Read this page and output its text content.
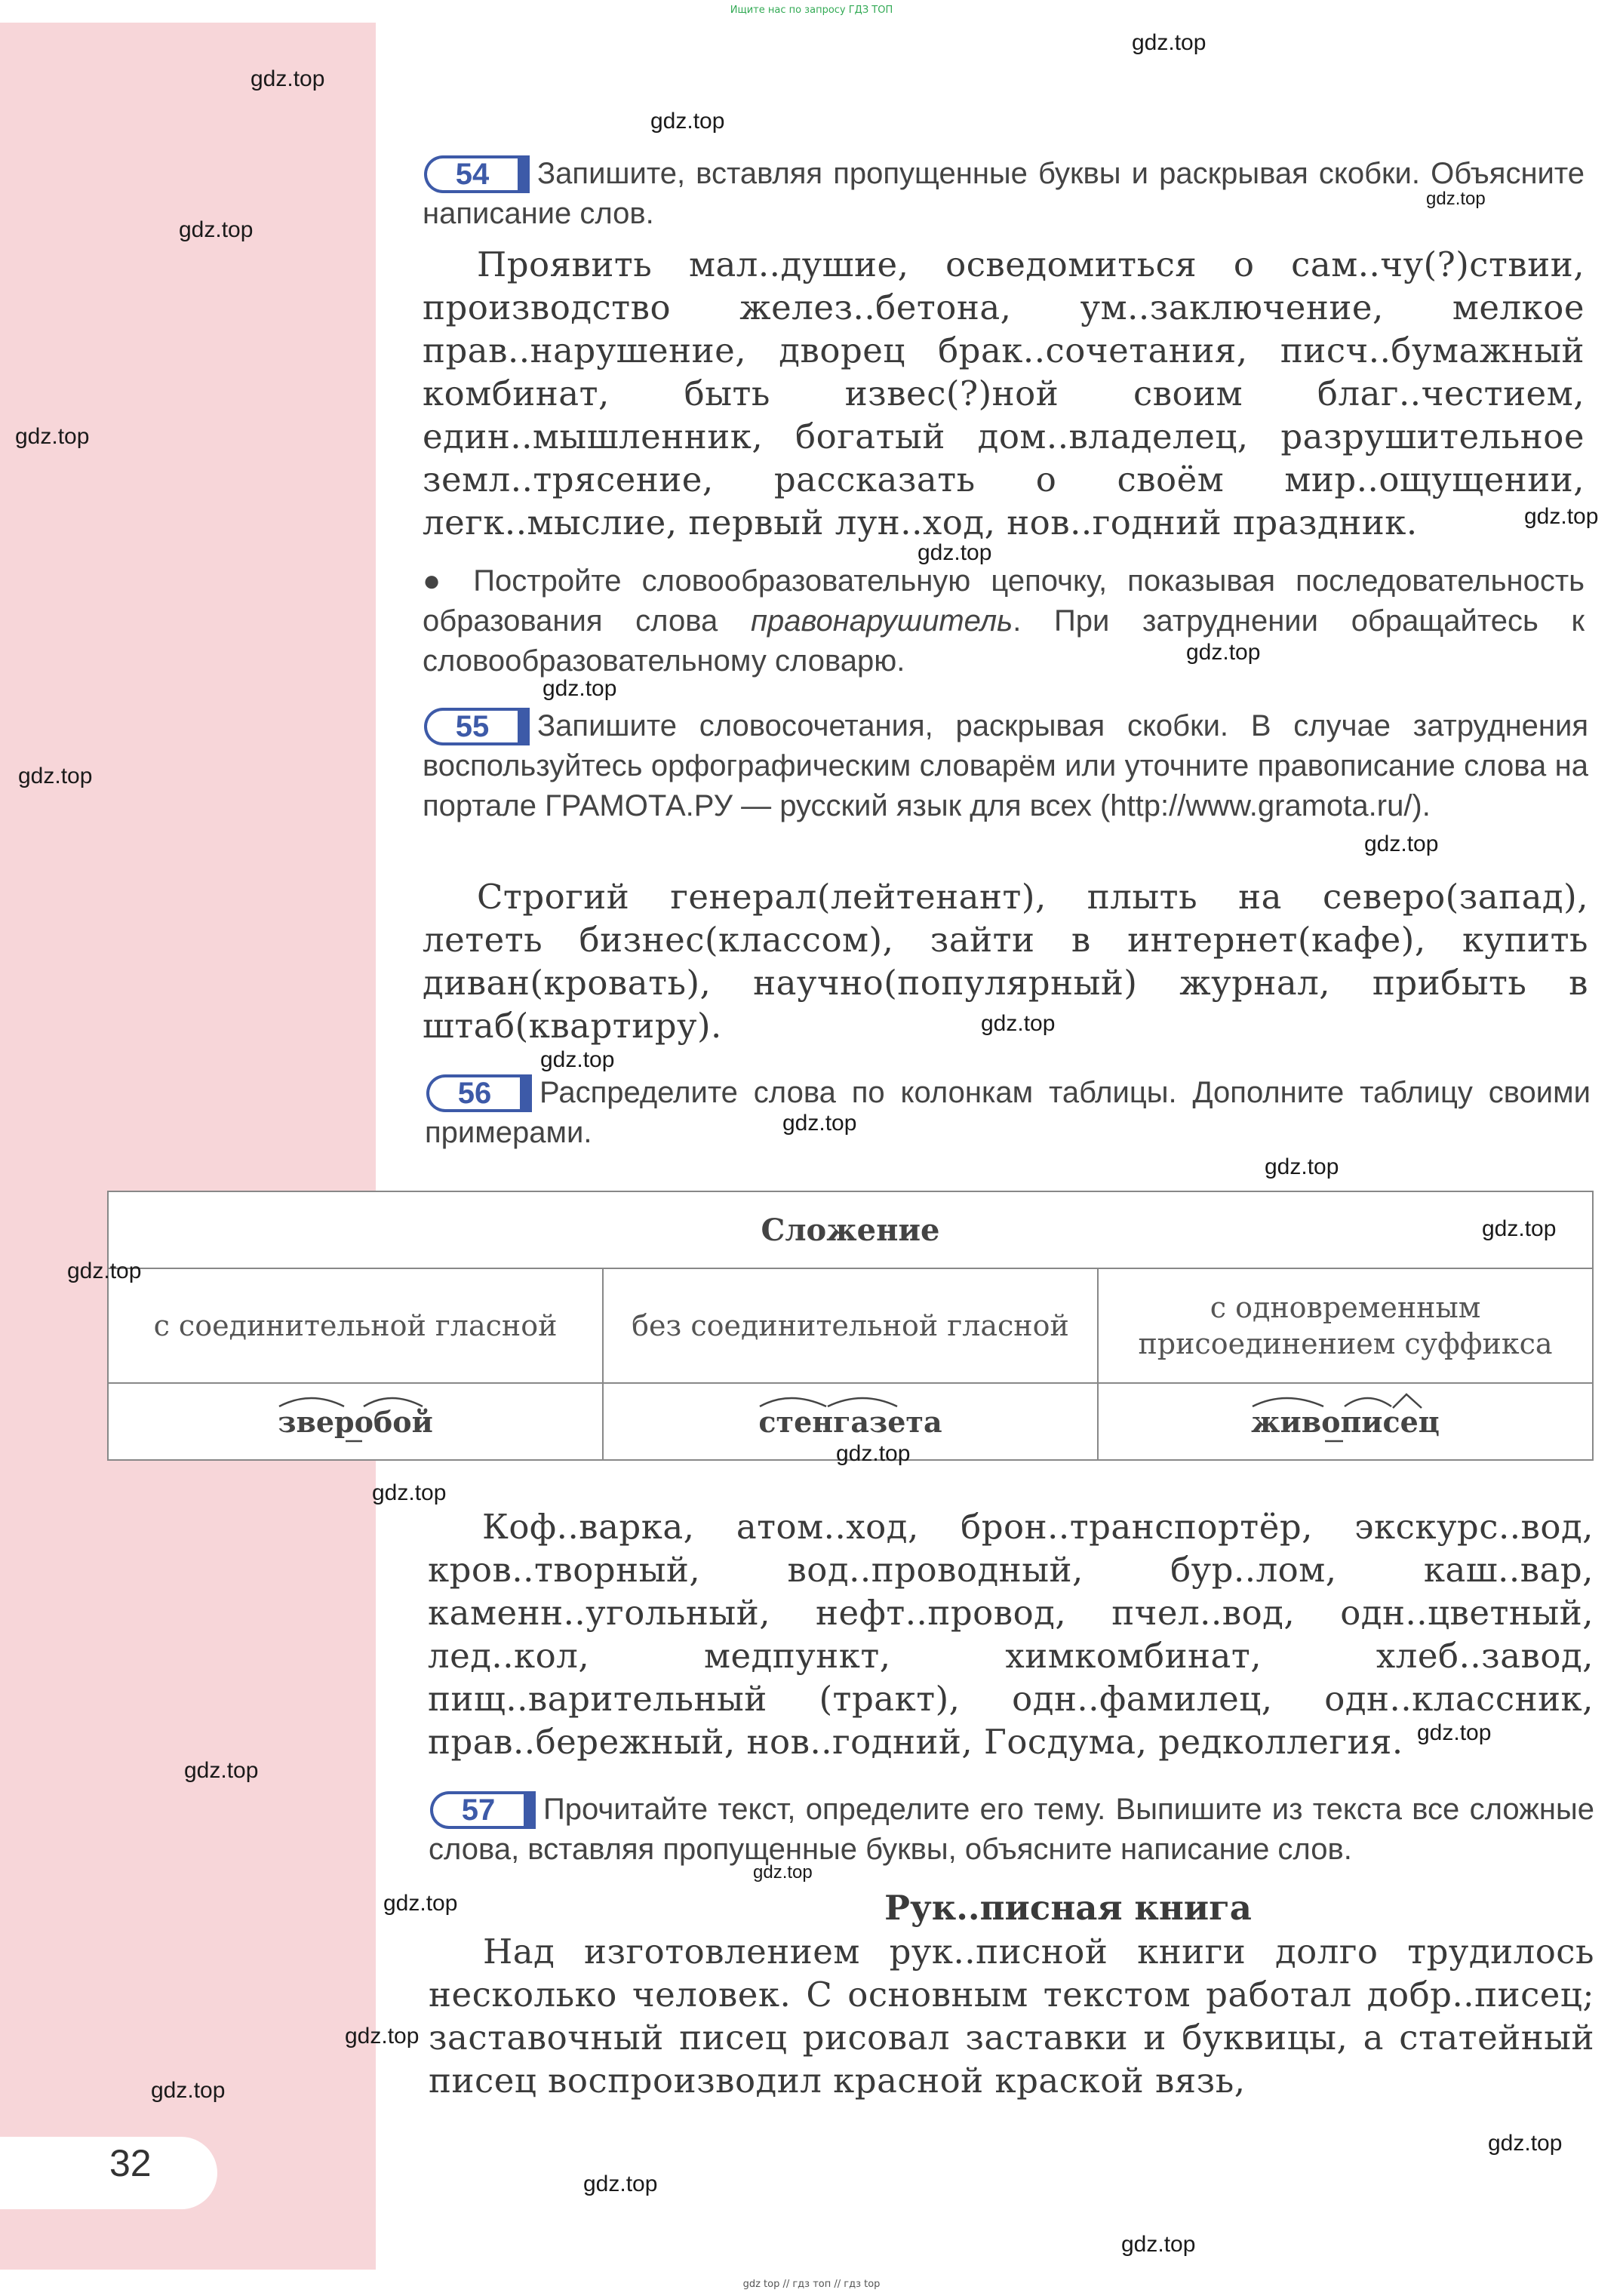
Ищите нас по запросу ГДЗ ТОП
54	Запишите, вставляя пропущенные буквы и раскрывая скобки. Объясните написание слов.
Проявить мал..душие, осведомиться о сам..чу(?)ствии, производство желез..бетона, ум..заключение, мелкое прав..нарушение, дворец брак..сочетания, писч..бумажный комбинат, быть извес(?)ной своим благ..честием, един..мышленник, богатый дом..владелец, разрушительное земл..трясение, рассказать о своём мир..ощущении, легк..мыслие, первый лун..ход, нов..годний праздник.
● Постройте словообразовательную цепочку, показывая последовательность образования слова правонарушитель. При затруднении обращайтесь к словообразовательному словарю.
55	Запишите словосочетания, раскрывая скобки. В случае затруднения воспользуйтесь орфографическим словарём или уточните правописание слова на портале ГРАМОТА.РУ — русский язык для всех (http://www.gramota.ru/).
Строгий генерал(лейтенант), плыть на северо(запад), лететь бизнес(классом), зайти в интернет(кафе), купить диван(кровать), научно(популярный) журнал, прибыть в штаб(квартиру).
56	Распределите слова по колонкам таблицы. Дополните таблицу своими примерами.
Сложение		
с соединительной гласной	без соединительной гласной	с одновременным присоединением суффикса

зверобой	стенгазета	живописец
Коф..варка, атом..ход, брон..транспортёр, экскурс..вод, кров..творный, вод..проводный, бур..лом, каш..вар, каменн..угольный, нефт..провод, пчел..вод, одн..цветный, лед..кол, медпункт, химкомбинат, хлеб..завод, пищ..варительный (тракт), одн..фамилец, одн..классник, прав..бережный, нов..годний, Госдума, редколлегия.
57	Прочитайте текст, определите его тему. Выпишите из текста все сложные слова, вставляя пропущенные буквы, объясните написание слов.
Рук..писная книга
Над изготовлением рук..писной книги долго трудилось несколько человек. С основным текстом работал добр..писец; заставочный писец рисовал заставки и буквицы, а статейный писец воспроизводил красной краской вязь,
32
gdz top // гдз топ // гдз top
gdz.top
gdz.top
gdz.top
gdz.top
gdz.top
gdz.top
gdz.top
gdz.top
gdz.top
gdz.top
gdz.top
gdz.top
gdz.top
gdz.top
gdz.top
gdz.top
gdz.top
gdz.top
gdz.top
gdz.top
gdz.top
gdz.top
gdz.top
gdz.top
gdz.top
gdz.top
gdz.top
gdz.top
gdz.top
